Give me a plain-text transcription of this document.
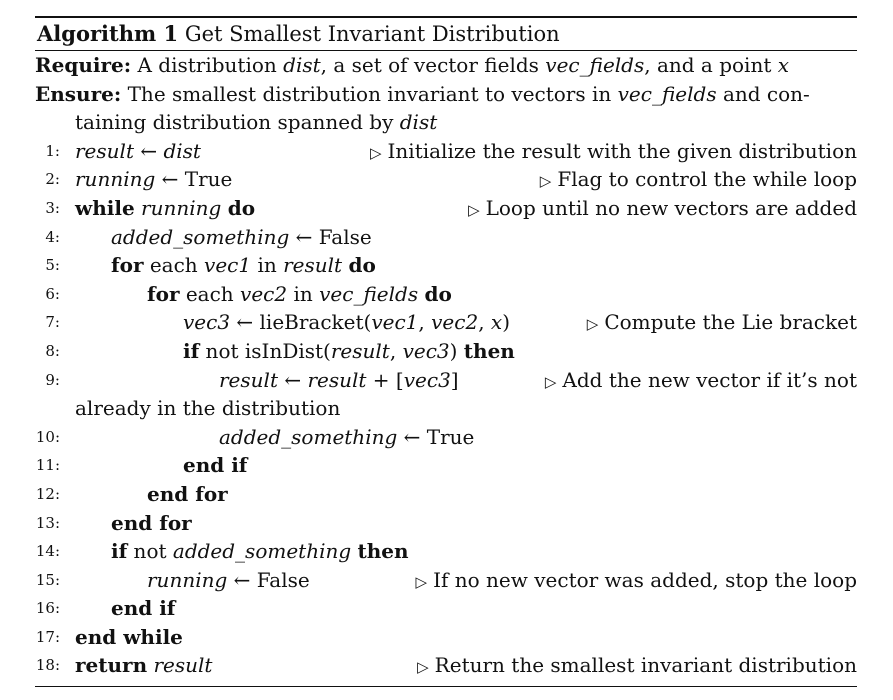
Algorithm 1 Get Smallest Invariant Distribution
Require: A distribution dist, a set of vector fields vec_fields, and a point x
Ensure: The smallest distribution invariant to vectors in vec_fields and con-
taining distribution spanned by dist
1: result ← dist	▷ Initialize the result with the given distribution
2: running ← True	▷ Flag to control the while loop
3: while running do	▷ Loop until no new vectors are added
4:	added_something ← False
5:	for each vec1 in result do
6:	for each vec2 in vec_fields do
7:	vec3 ← lieBracket(vec1, vec2, x)	▷ Compute the Lie bracket
8:	if not isInDist(result, vec3) then
9:	result ← result + [vec3]	▷ Add the new vector if it’s not
already in the distribution
10:	added_something ← True
11:	end if
12:	end for
13:	end for
14:	if not added_something then
15:	running ← False	▷ If no new vector was added, stop the loop
16:	end if
17: end while
18: return result	▷ Return the smallest invariant distribution
